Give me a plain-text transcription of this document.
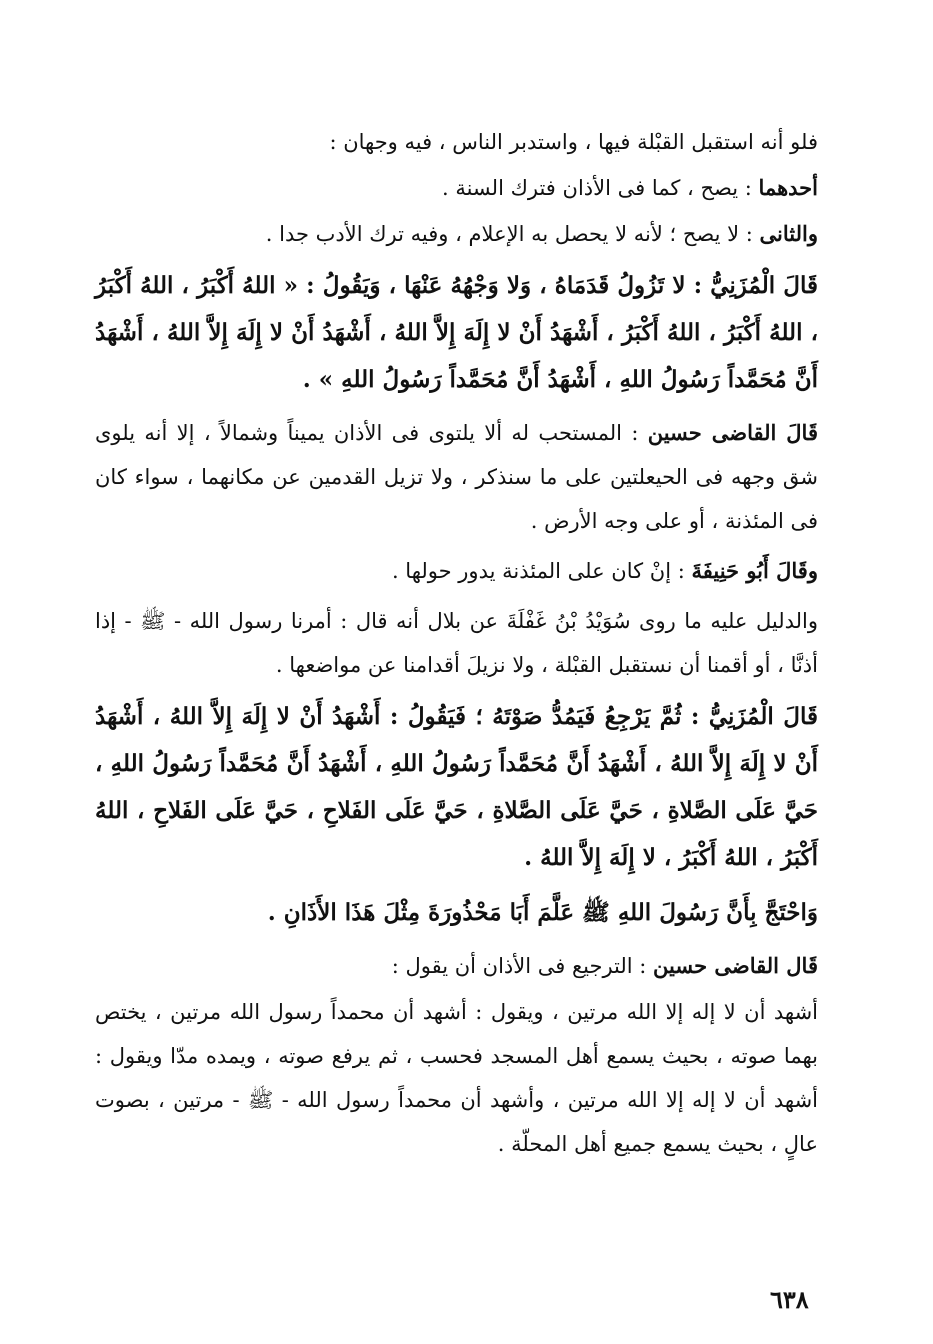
فلو أنه استقبل القبْلة فيها ، واستدبر الناس ، فيه وجهان :

أحدهما : يصح ، كما فى الأذان فترك السنة .

والثانى : لا يصح ؛ لأنه لا يحصل به الإعلام ، وفيه ترك الأدب جدا .

قَالَ الْمُزَنِيُّ : لا تَزُولُ قَدَمَاهُ ، وَلا وَجْهُهُ عَنْهَا ، وَيَقُولُ : « اللهُ أَكْبَرُ ، اللهُ أَكْبَرُ ، اللهُ أَكْبَرُ ، اللهُ أَكْبَرُ ، أَشْهَدُ أَنْ لا إِلَهَ إِلاَّ اللهُ ، أَشْهَدُ أَنْ لا إِلَهَ إِلاَّ اللهُ ، أَشْهَدُ أَنَّ مُحَمَّداً رَسُولُ اللهِ ، أَشْهَدُ أَنَّ مُحَمَّداً رَسُولُ اللهِ » .

قَالَ القاضى حسين : المستحب له ألا يلتوى فى الأذان يميناً وشمالاً ، إلا أنه يلوى شق وجهه فى الحيعلتين على ما سنذكر ، ولا تزيل القدمين عن مكانهما ، سواء كان فى المئذنة ، أو على وجه الأرض .

وقَالَ أَبُو حَنِيفَةَ : إنْ كان على المئذنة يدور حولها .

والدليل عليه ما روى سُوَيْدُ بْنُ غَفْلَةَ عن بلال أنه قال : أمرنا رسول الله - ﷺ - إذا أذنَّا ، أو أقمنا أن نستقبل القبْلة ، ولا نزيلَ أقدامنا عن مواضعها .

قَالَ الْمُزَنِيُّ : ثُمَّ يَرْجِعُ فَيَمُدُّ صَوْتَهُ ؛ فَيَقُولُ : أَشْهَدُ أَنْ لا إِلَهَ إِلاَّ اللهُ ، أَشْهَدُ أَنْ لا إِلَهَ إِلاَّ اللهُ ، أَشْهَدُ أَنَّ مُحَمَّداً رَسُولُ اللهِ ، أَشْهَدُ أَنَّ مُحَمَّداً رَسُولُ اللهِ ، حَيَّ عَلَى الصَّلاةِ ، حَيَّ عَلَى الصَّلاةِ ، حَيَّ عَلَى الفَلاحِ ، حَيَّ عَلَى الفَلاحِ ، اللهُ أَكْبَرُ ، اللهُ أَكْبَرُ ، لا إِلَهَ إِلاَّ اللهُ .

وَاحْتَجَّ بِأَنَّ رَسُولَ اللهِ ﷺ عَلَّمَ أَبَا مَحْذُورَةَ مِثْلَ هَذَا الأَذَانِ .

قَال القاضى حسين : الترجيع فى الأذان أن يقول :

أشهد أن لا إله إلا الله مرتين ، ويقول : أشهد أن محمداً رسول الله مرتين ، يختص بهما صوته ، بحيث يسمع أهل المسجد فحسب ، ثم يرفع صوته ، ويمده مدّا ويقول : أشهد أن لا إله إلا الله مرتين ، وأشهد أن محمداً رسول الله - ﷺ - مرتين ، بصوت عالٍ ، بحيث يسمع جميع أهل المحلّة .

٦٣٨
